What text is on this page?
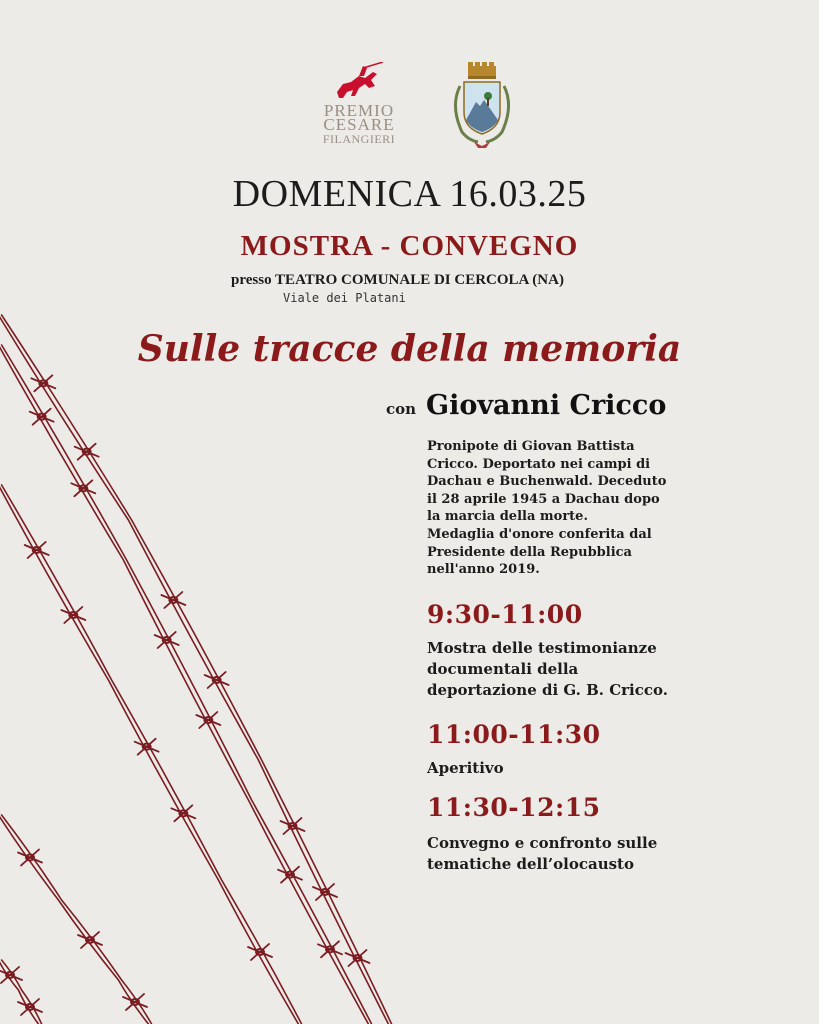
PREMIO
CESARE
FILANGIERI
DOMENICA 16.03.25
MOSTRA - CONVEGNO
presso TEATRO COMUNALE DI CERCOLA (NA)
Viale dei Platani
Sulle tracce della memoria
con Giovanni Cricco
Pronipote di Giovan Battista
Cricco. Deportato nei campi di
Dachau e Buchenwald. Deceduto
il 28 aprile 1945 a Dachau dopo
la marcia della morte.
Medaglia d'onore conferita dal
Presidente della Repubblica
nell'anno 2019.
9:30-11:00
Mostra delle testimonianze
documentali della
deportazione di G. B. Cricco.
11:00-11:30
Aperitivo
11:30-12:15
Convegno e confronto sulle
tematiche dell’olocausto
